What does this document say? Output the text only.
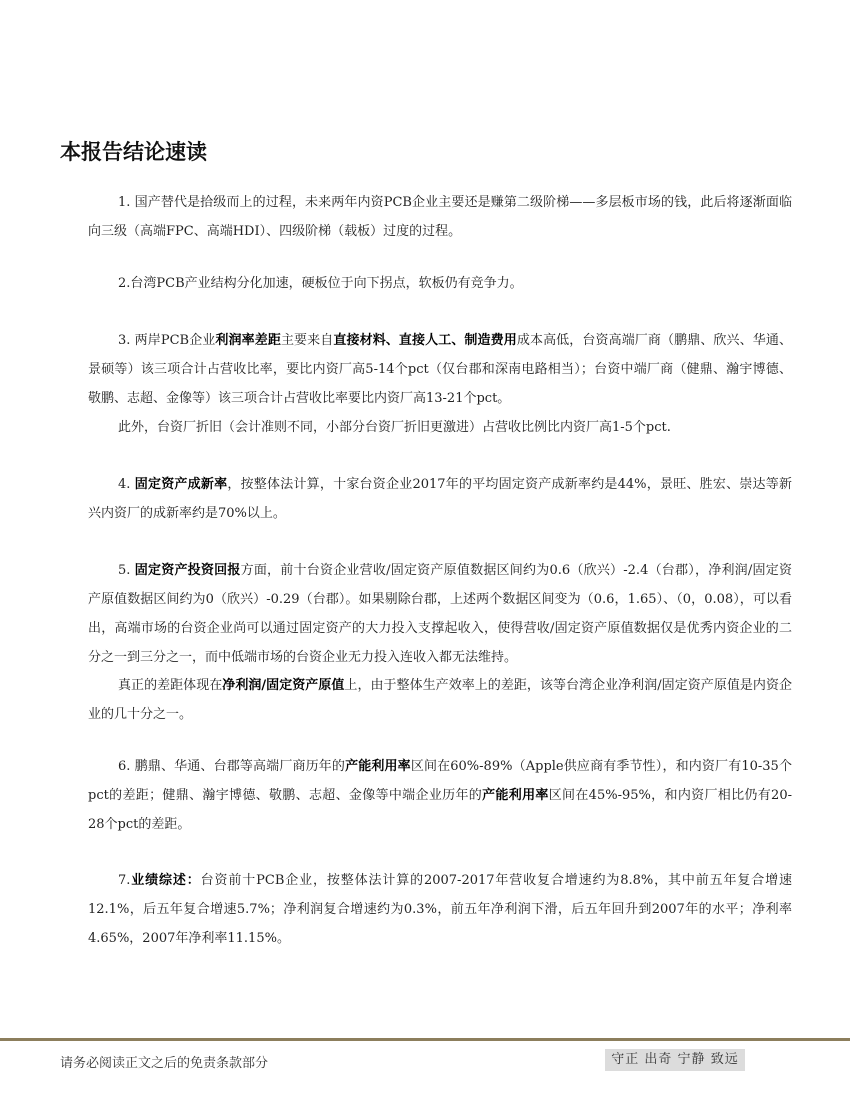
本报告结论速读

1. 国产替代是拾级而上的过程，未来两年内资PCB企业主要还是赚第二级阶梯——多层板市场的钱，此后将逐渐面临向三级（高端FPC、高端HDI）、四级阶梯（载板）过度的过程。

2.台湾PCB产业结构分化加速，硬板位于向下拐点，软板仍有竞争力。

3. 两岸PCB企业利润率差距主要来自直接材料、直接人工、制造费用成本高低，台资高端厂商（鹏鼎、欣兴、华通、景硕等）该三项合计占营收比率，要比内资厂高5-14个pct（仅台郡和深南电路相当）；台资中端厂商（健鼎、瀚宇博德、敬鹏、志超、金像等）该三项合计占营收比率要比内资厂高13-21个pct。

此外，台资厂折旧（会计准则不同，小部分台资厂折旧更激进）占营收比例比内资厂高1-5个pct.

4. 固定资产成新率，按整体法计算，十家台资企业2017年的平均固定资产成新率约是44%，景旺、胜宏、崇达等新兴内资厂的成新率约是70%以上。

5. 固定资产投资回报方面，前十台资企业营收/固定资产原值数据区间约为0.6（欣兴）-2.4（台郡），净利润/固定资产原值数据区间约为0（欣兴）-0.29（台郡）。如果剔除台郡，上述两个数据区间变为（0.6，1.65）、（0，0.08），可以看出，高端市场的台资企业尚可以通过固定资产的大力投入支撑起收入，使得营收/固定资产原值数据仅是优秀内资企业的二分之一到三分之一，而中低端市场的台资企业无力投入连收入都无法维持。

真正的差距体现在净利润/固定资产原值上，由于整体生产效率上的差距，该等台湾企业净利润/固定资产原值是内资企业的几十分之一。

6. 鹏鼎、华通、台郡等高端厂商历年的产能利用率区间在60%-89%（Apple供应商有季节性），和内资厂有10-35个pct的差距；健鼎、瀚宇博德、敬鹏、志超、金像等中端企业历年的产能利用率区间在45%-95%，和内资厂相比仍有20-28个pct的差距。

7.业绩综述：台资前十PCB企业，按整体法计算的2007-2017年营收复合增速约为8.8%，其中前五年复合增速12.1%，后五年复合增速5.7%；净利润复合增速约为0.3%，前五年净利润下滑，后五年回升到2007年的水平；净利率4.65%，2007年净利率11.15%。

请务必阅读正文之后的免责条款部分	守正 出奇 宁静 致远
